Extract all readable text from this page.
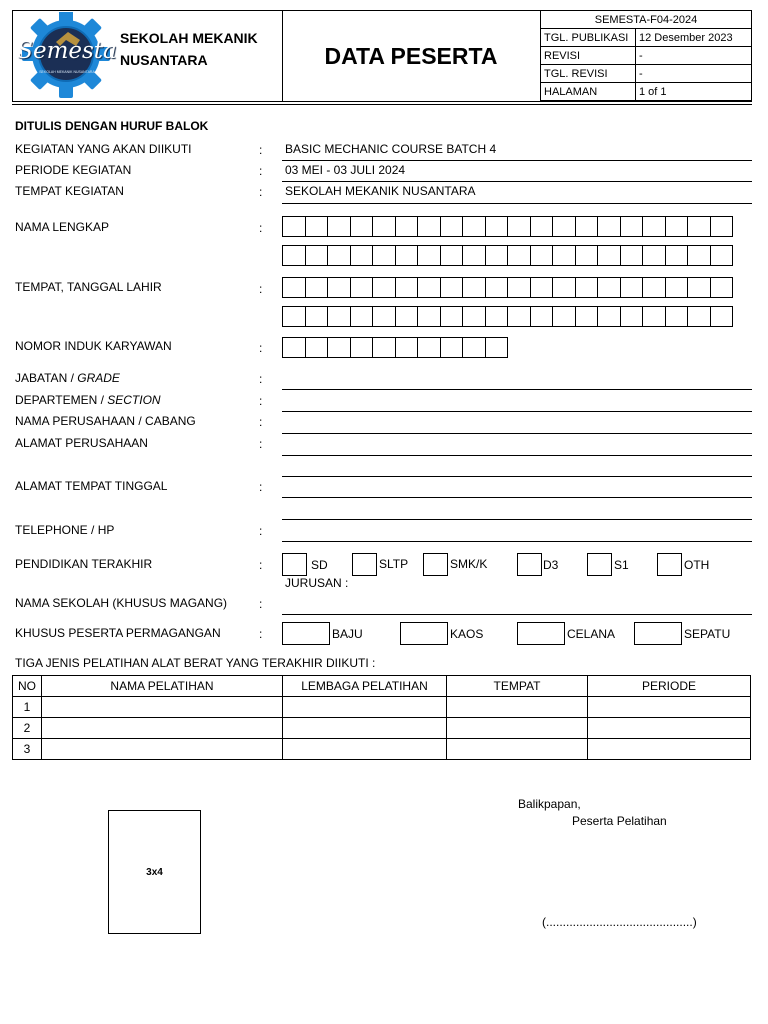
Semesta
SEKOLAH MEKANIK NUSANTARA
SEKOLAH MEKANIK
NUSANTARA	DATA PESERTA
SEMESTA-F04-2024	
TGL. PUBLIKASI	12 Desember 2023
REVISI	-
TGL. REVISI	-
HALAMAN	1 of 1
DITULIS DENGAN HURUF BALOK
KEGIATAN YANG AKAN DIIKUTI	: BASIC MECHANIC COURSE BATCH 4
PERIODE KEGIATAN	: 03 MEI - 03 JULI 2024
TEMPAT KEGIATAN	: SEKOLAH MEKANIK NUSANTARA
NAMA LENGKAP	:
TEMPAT, TANGGAL LAHIR	:
NOMOR INDUK KARYAWAN	:
JABATAN / GRADE	:
DEPARTEMEN / SECTION	:
NAMA PERUSAHAAN / CABANG	:
ALAMAT PERUSAHAAN	:
ALAMAT TEMPAT TINGGAL	:
TELEPHONE / HP	:
PENDIDIKAN TERAKHIR	:	SD	SLTP	SMK/K	D3	S1	OTH
JURUSAN :
NAMA SEKOLAH (KHUSUS MAGANG)	:
KHUSUS PESERTA PERMAGANGAN	:	BAJU	KAOS	CELANA	SEPATU
TIGA JENIS PELATIHAN ALAT BERAT YANG TERAKHIR DIIKUTI :
NO	NAMA PELATIHAN	LEMBAGA PELATIHAN	TEMPAT	PERIODE
1				
2				
3				
3x4
Balikpapan,
Peserta Pelatihan
(............................................)
